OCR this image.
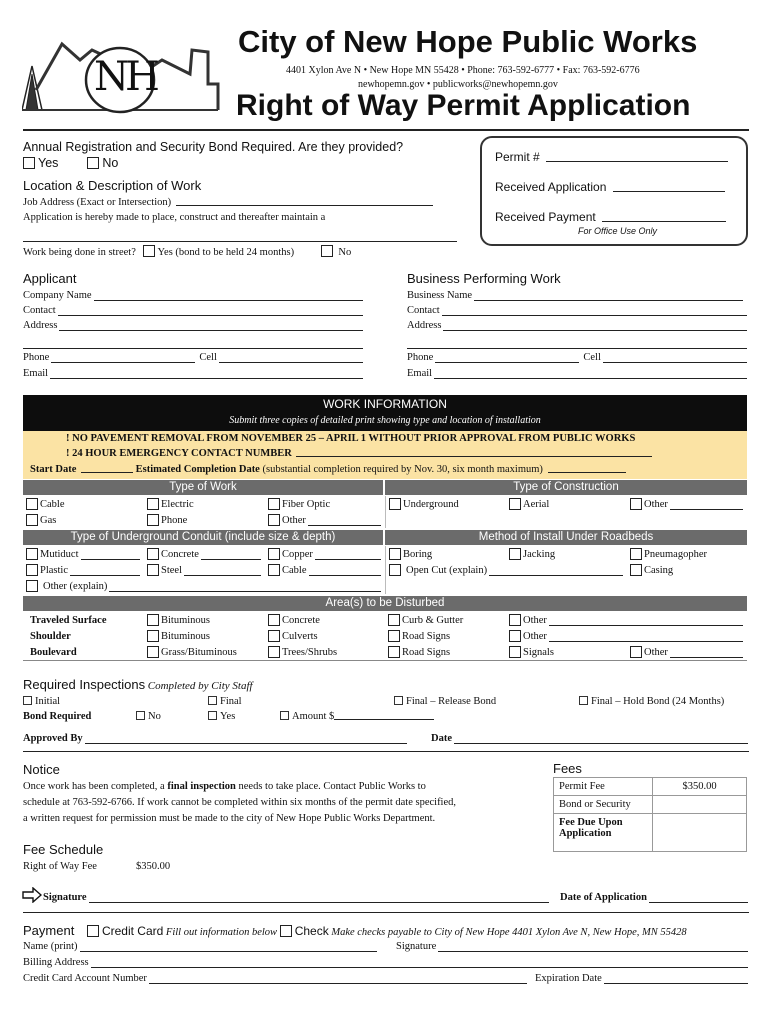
NH
City of New Hope Public Works
4401 Xylon Ave N • New Hope MN 55428 • Phone: 763-592-6777 • Fax: 763-592-6776
newhopemn.gov • publicworks@newhopemn.gov
Right of Way Permit Application
Annual Registration and Security Bond Required. Are they provided?
Yes	No	Permit #
Received Application
Received Payment
For Office Use Only
Location & Description of Work
Job Address (Exact or Intersection)
Application is hereby made to place, construct and thereafter maintain a
Work being done in street? Yes (bond to be held 24 months)	No
Applicant
Company Name
Contact
Address
Phone	Cell
Email
Business Performing Work
Business Name
Contact
Address
Phone	Cell
Email
WORK INFORMATION
Submit three copies of detailed print showing type and location of installation
! NO PAVEMENT REMOVAL FROM NOVEMBER 25 – APRIL 1 WITHOUT PRIOR APPROVAL FROM PUBLIC WORKS
! 24 HOUR EMERGENCY CONTACT NUMBER
Start Date	Estimated Completion Date (substantial completion required by Nov. 30, six month maximum)
Type of Work	Type of Construction
Cable	Electric	Fiber Optic	Underground	Aerial	Other
Gas	Phone	Other
Type of Underground Conduit (include size & depth)	Method of Install Under Roadbeds
Mutiduct	Concrete	Copper	Boring	Jacking	Pneumagopher
Plastic	Steel	Cable	Open Cut (explain)	Casing
Other (explain)
Area(s) to be Disturbed
Traveled Surface	Bituminous	Concrete	Curb & Gutter	Other
Shoulder	Bituminous	Culverts	Road Signs	Other
Boulevard	Grass/Bituminous	Trees/Shrubs	Road Signs	Signals	Other
Required Inspections Completed by City Staff
Initial	Final	Final – Release Bond	Final – Hold Bond (24 Months)
Bond Required	No	Yes	Amount $
Approved By	Date
Notice
Once work has been completed, a final inspection needs to take place. Contact Public Works to
schedule at 763-592-6766. If work cannot be completed within six months of the permit date specified,
a written request for permission must be made to the city of New Hope Public Works Department.
Fee Schedule
Right of Way Fee	$350.00
Fees
Permit Fee	$350.00
Bond or Security	
Fee Due Upon Application	
Signature	Date of Application
Payment Credit Card Fill out information below Check Make checks payable to City of New Hope 4401 Xylon Ave N, New Hope, MN 55428
Name (print)	Signature
Billing Address
Credit Card Account Number	Expiration Date
